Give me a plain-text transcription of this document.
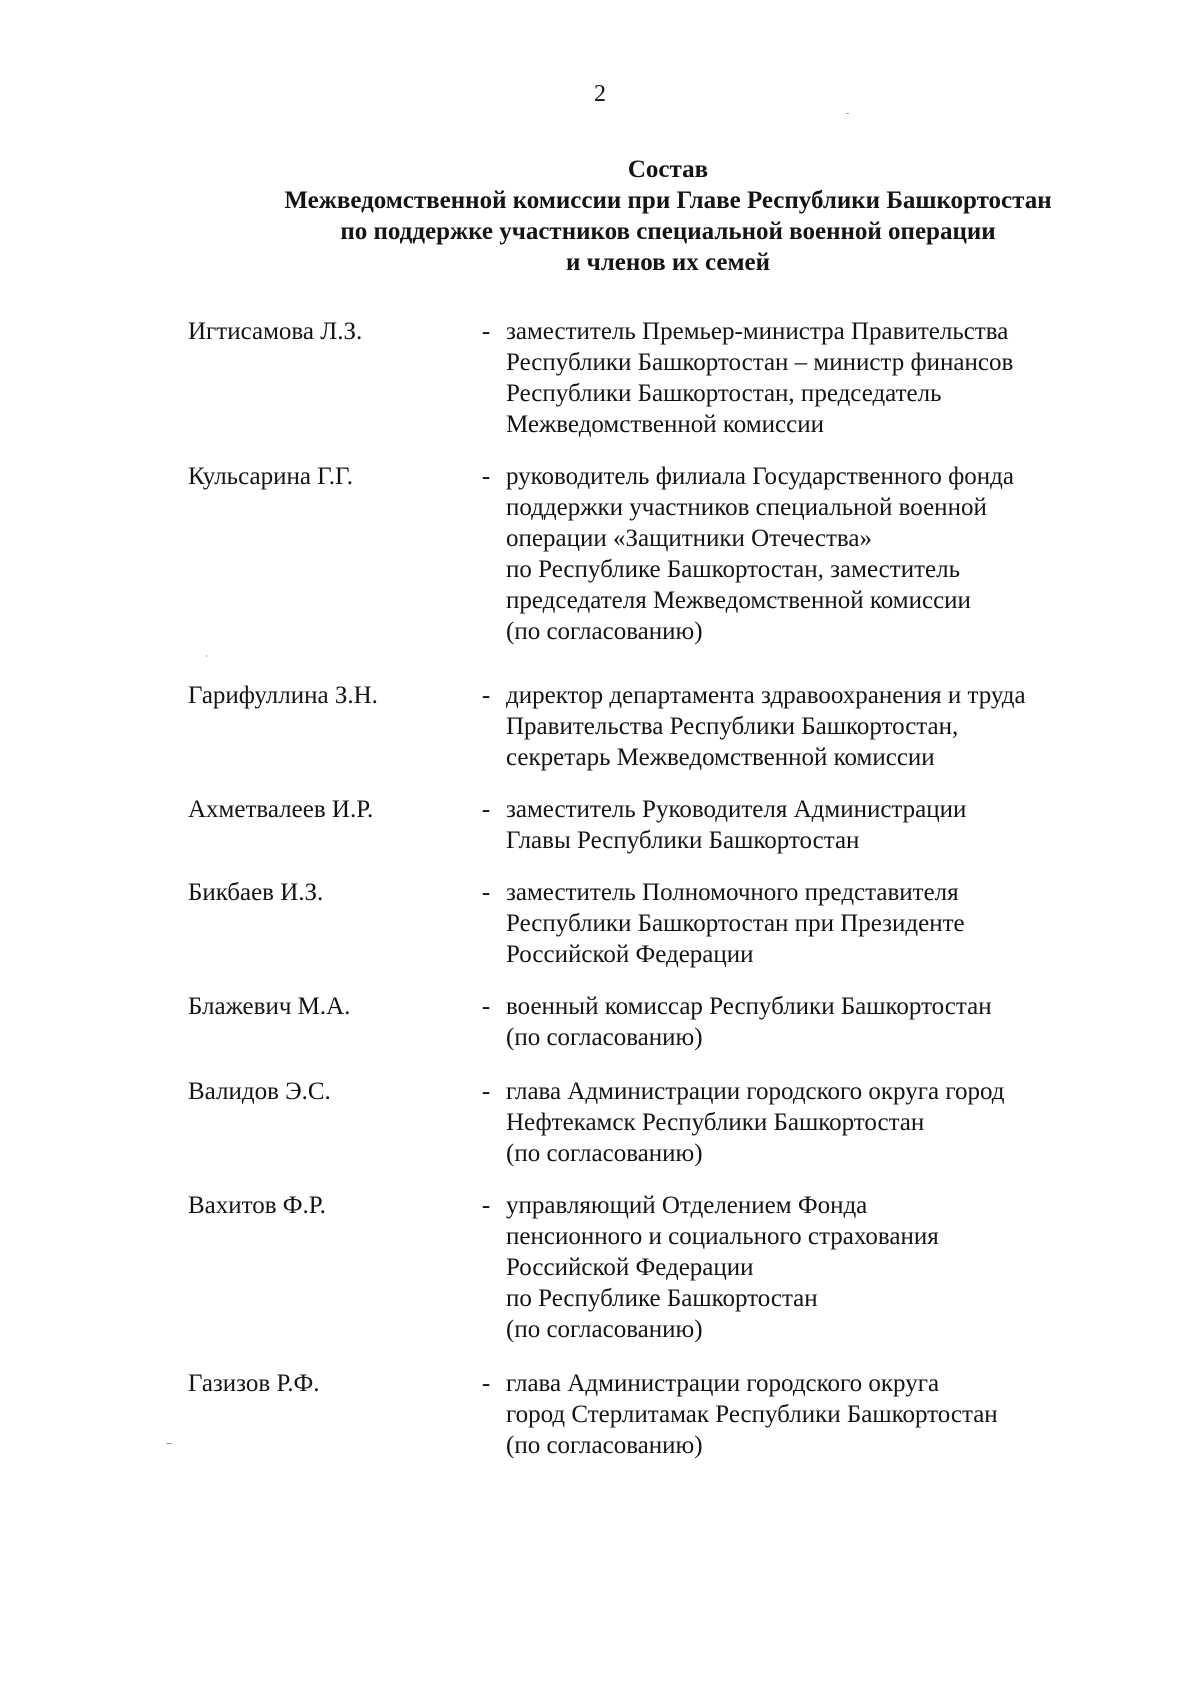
2
Состав
Межведомственной комиссии при Главе Республики Башкортостан
по поддержке участников специальной военной операции
и членов их семей
Игтисамова Л.З.	- заместитель Премьер-министра Правительства
Республики Башкортостан – министр финансов
Республики Башкортостан, председатель
Межведомственной комиссии
Кульсарина Г.Г.	- руководитель филиала Государственного фонда
поддержки участников специальной военной
операции «Защитники Отечества»
по Республике Башкортостан, заместитель
председателя Межведомственной комиссии
(по согласованию)
Гарифуллина З.Н.	- директор департамента здравоохранения и труда
Правительства Республики Башкортостан,
секретарь Межведомственной комиссии
Ахметвалеев И.Р.	- заместитель Руководителя Администрации
Главы Республики Башкортостан
Бикбаев И.З.	- заместитель Полномочного представителя
Республики Башкортостан при Президенте
Российской Федерации
Блажевич М.А.	- военный комиссар Республики Башкортостан
(по согласованию)
Валидов Э.С.	- глава Администрации городского округа город
Нефтекамск Республики Башкортостан
(по согласованию)
Вахитов Ф.Р.	- управляющий Отделением Фонда
пенсионного и социального страхования
Российской Федерации
по Республике Башкортостан
(по согласованию)
Газизов Р.Ф.	- глава Администрации городского округа
город Стерлитамак Республики Башкортостан
(по согласованию)
